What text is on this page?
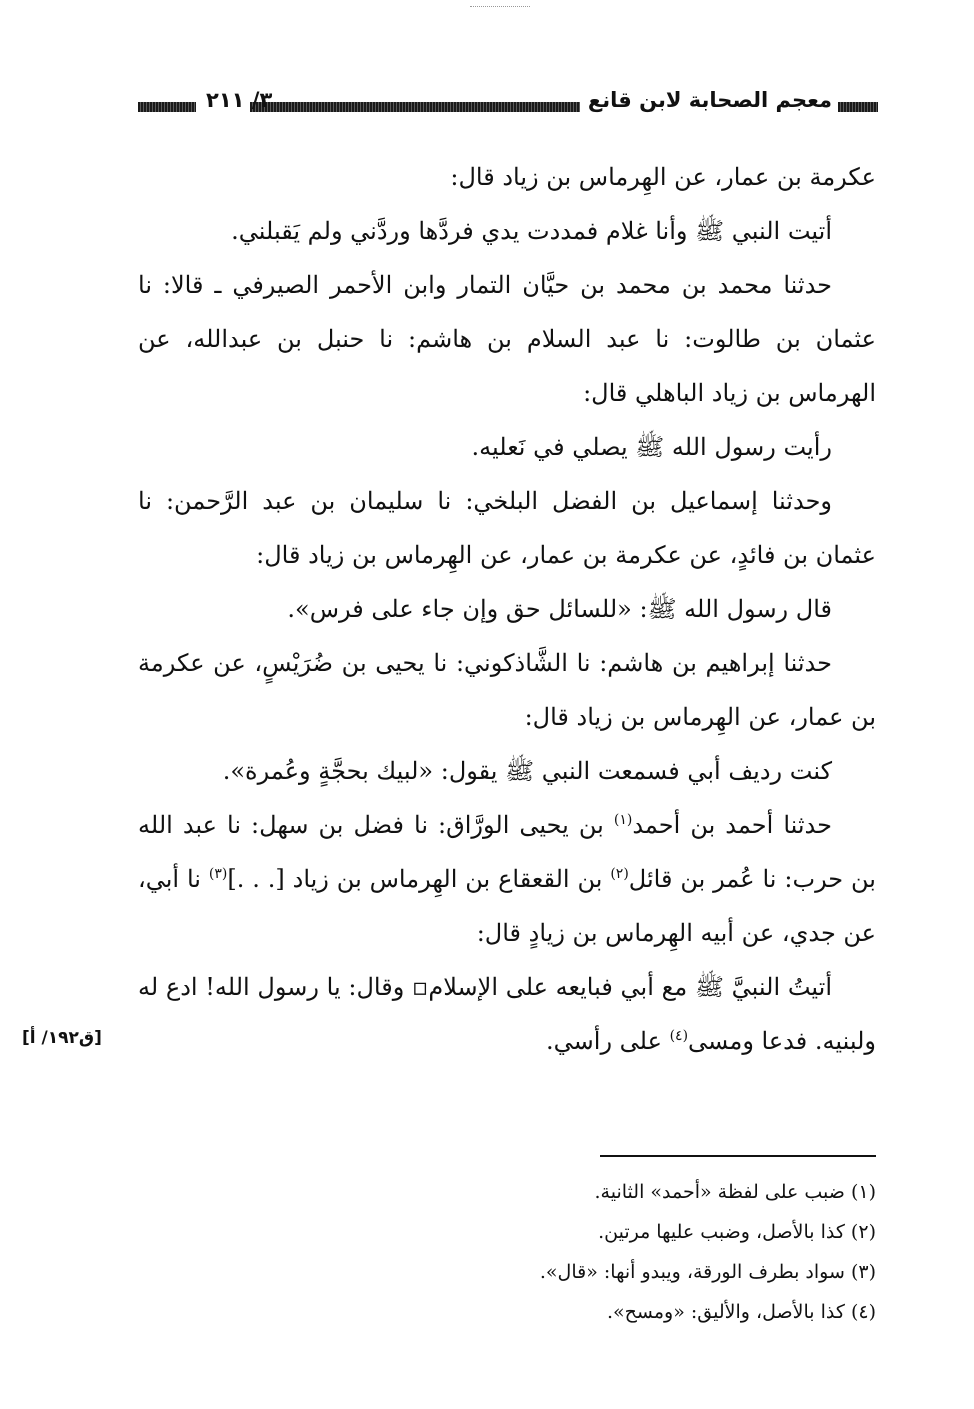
معجم الصحابة لابن قانع
٣/ ٢١١

عكرمة بن عمار، عن الهِرماس بن زياد قال:

أتيت النبي ﷺ وأنا غلام فمددت يدي فردَّها وردَّني ولم يَقبلني.

حدثنا محمد بن محمد بن حيَّان التمار وابن الأحمر الصيرفي ـ قالا: نا عثمان بن طالوت: نا عبد السلام بن هاشم: نا حنبل بن عبدالله، عن الهرماس بن زياد الباهلي قال:

رأيت رسول الله ﷺ يصلي في نَعليه.

وحدثنا إسماعيل بن الفضل البلخي: نا سليمان بن عبد الرَّحمن: نا عثمان بن فائدٍ، عن عكرمة بن عمار، عن الهِرماس بن زياد قال:

قال رسول الله ﷺ: «للسائل حق وإن جاء على فرس».

حدثنا إبراهيم بن هاشم: نا الشَّاذكوني: نا يحيى بن ضُرَيْسٍ، عن عكرمة بن عمار، عن الهِرماس بن زياد قال:

كنت رديف أبي فسمعت النبي ﷺ يقول: «لبيك بحجَّةٍ وعُمرة».

حدثنا أحمد بن أحمد$^{(١)}$ بن يحيى الورَّاق: نا فضل بن سهل: نا عبد الله بن حرب: نا عُمر بن قائل$^{(٢)}$ بن القعقاع بن الهِرماس بن زياد [. . .]$^{(٣)}$ نا أبي، عن جدي، عن أبيه الهِرماس بن زيادٍ قال:

أتيتُ النبيَّ ﷺ مع أبي فبايعه على الإسلام▫ وقال: يا رسول الله! ادع له ولبنيه. فدعا ومسى$^{(٤)}$ على رأسي.

[ق١٩٢/ أ]

(١) ضبب على لفظة «أحمد» الثانية.

(٢) كذا بالأصل، وضبب عليها مرتين.

(٣) سواد بطرف الورقة، ويبدو أنها: «قال».

(٤) كذا بالأصل، والأليق: «ومسح».
